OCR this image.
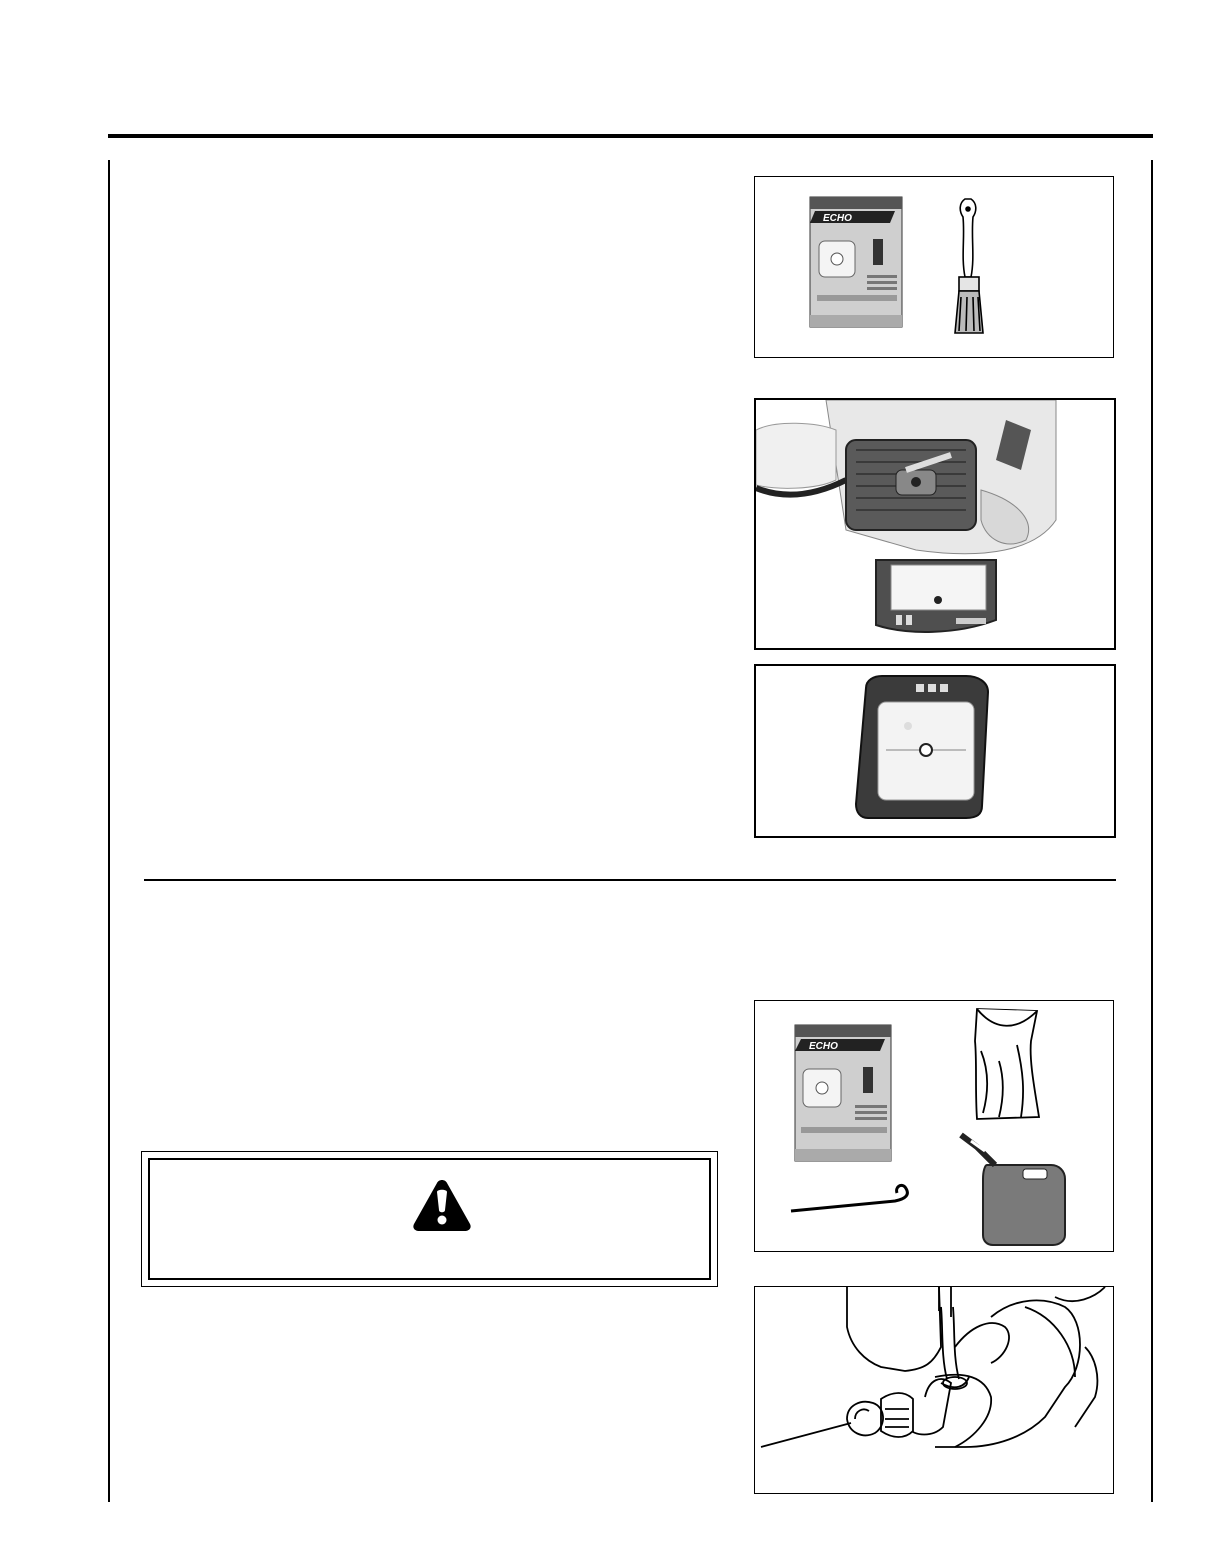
ECHO
ECHO
